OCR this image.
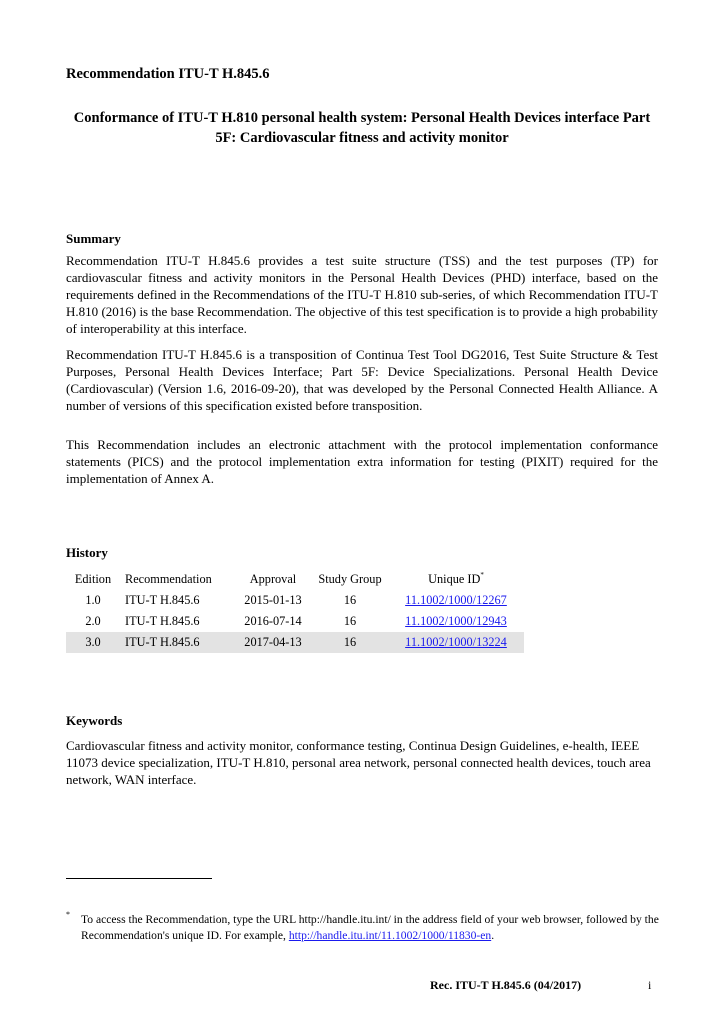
Recommendation ITU-T H.845.6
Conformance of ITU-T H.810 personal health system: Personal Health Devices interface Part 5F: Cardiovascular fitness and activity monitor
Summary
Recommendation ITU-T H.845.6 provides a test suite structure (TSS) and the test purposes (TP) for cardiovascular fitness and activity monitors in the Personal Health Devices (PHD) interface, based on the requirements defined in the Recommendations of the ITU-T H.810 sub-series, of which Recommendation ITU-T H.810 (2016) is the base Recommendation. The objective of this test specification is to provide a high probability of interoperability at this interface.
Recommendation ITU-T H.845.6 is a transposition of Continua Test Tool DG2016, Test Suite Structure & Test Purposes, Personal Health Devices Interface; Part 5F: Device Specializations. Personal Health Device (Cardiovascular) (Version 1.6, 2016-09-20), that was developed by the Personal Connected Health Alliance. A number of versions of this specification existed before transposition.
This Recommendation includes an electronic attachment with the protocol implementation conformance statements (PICS) and the protocol implementation extra information for testing (PIXIT) required for the implementation of Annex A.
History
Edition	Recommendation	Approval	Study Group	Unique ID*
1.0	ITU-T H.845.6	2015-01-13	16	11.1002/1000/12267
2.0	ITU-T H.845.6	2016-07-14	16	11.1002/1000/12943
3.0	ITU-T H.845.6	2017-04-13	16	11.1002/1000/13224
Keywords
Cardiovascular fitness and activity monitor, conformance testing, Continua Design Guidelines, e-health, IEEE 11073 device specialization, ITU-T H.810, personal area network, personal connected health devices, touch area network, WAN interface.
* To access the Recommendation, type the URL http://handle.itu.int/ in the address field of your web browser, followed by the Recommendation's unique ID. For example, http://handle.itu.int/11.1002/1000/11830-en.
Rec. ITU-T H.845.6 (04/2017)	i
